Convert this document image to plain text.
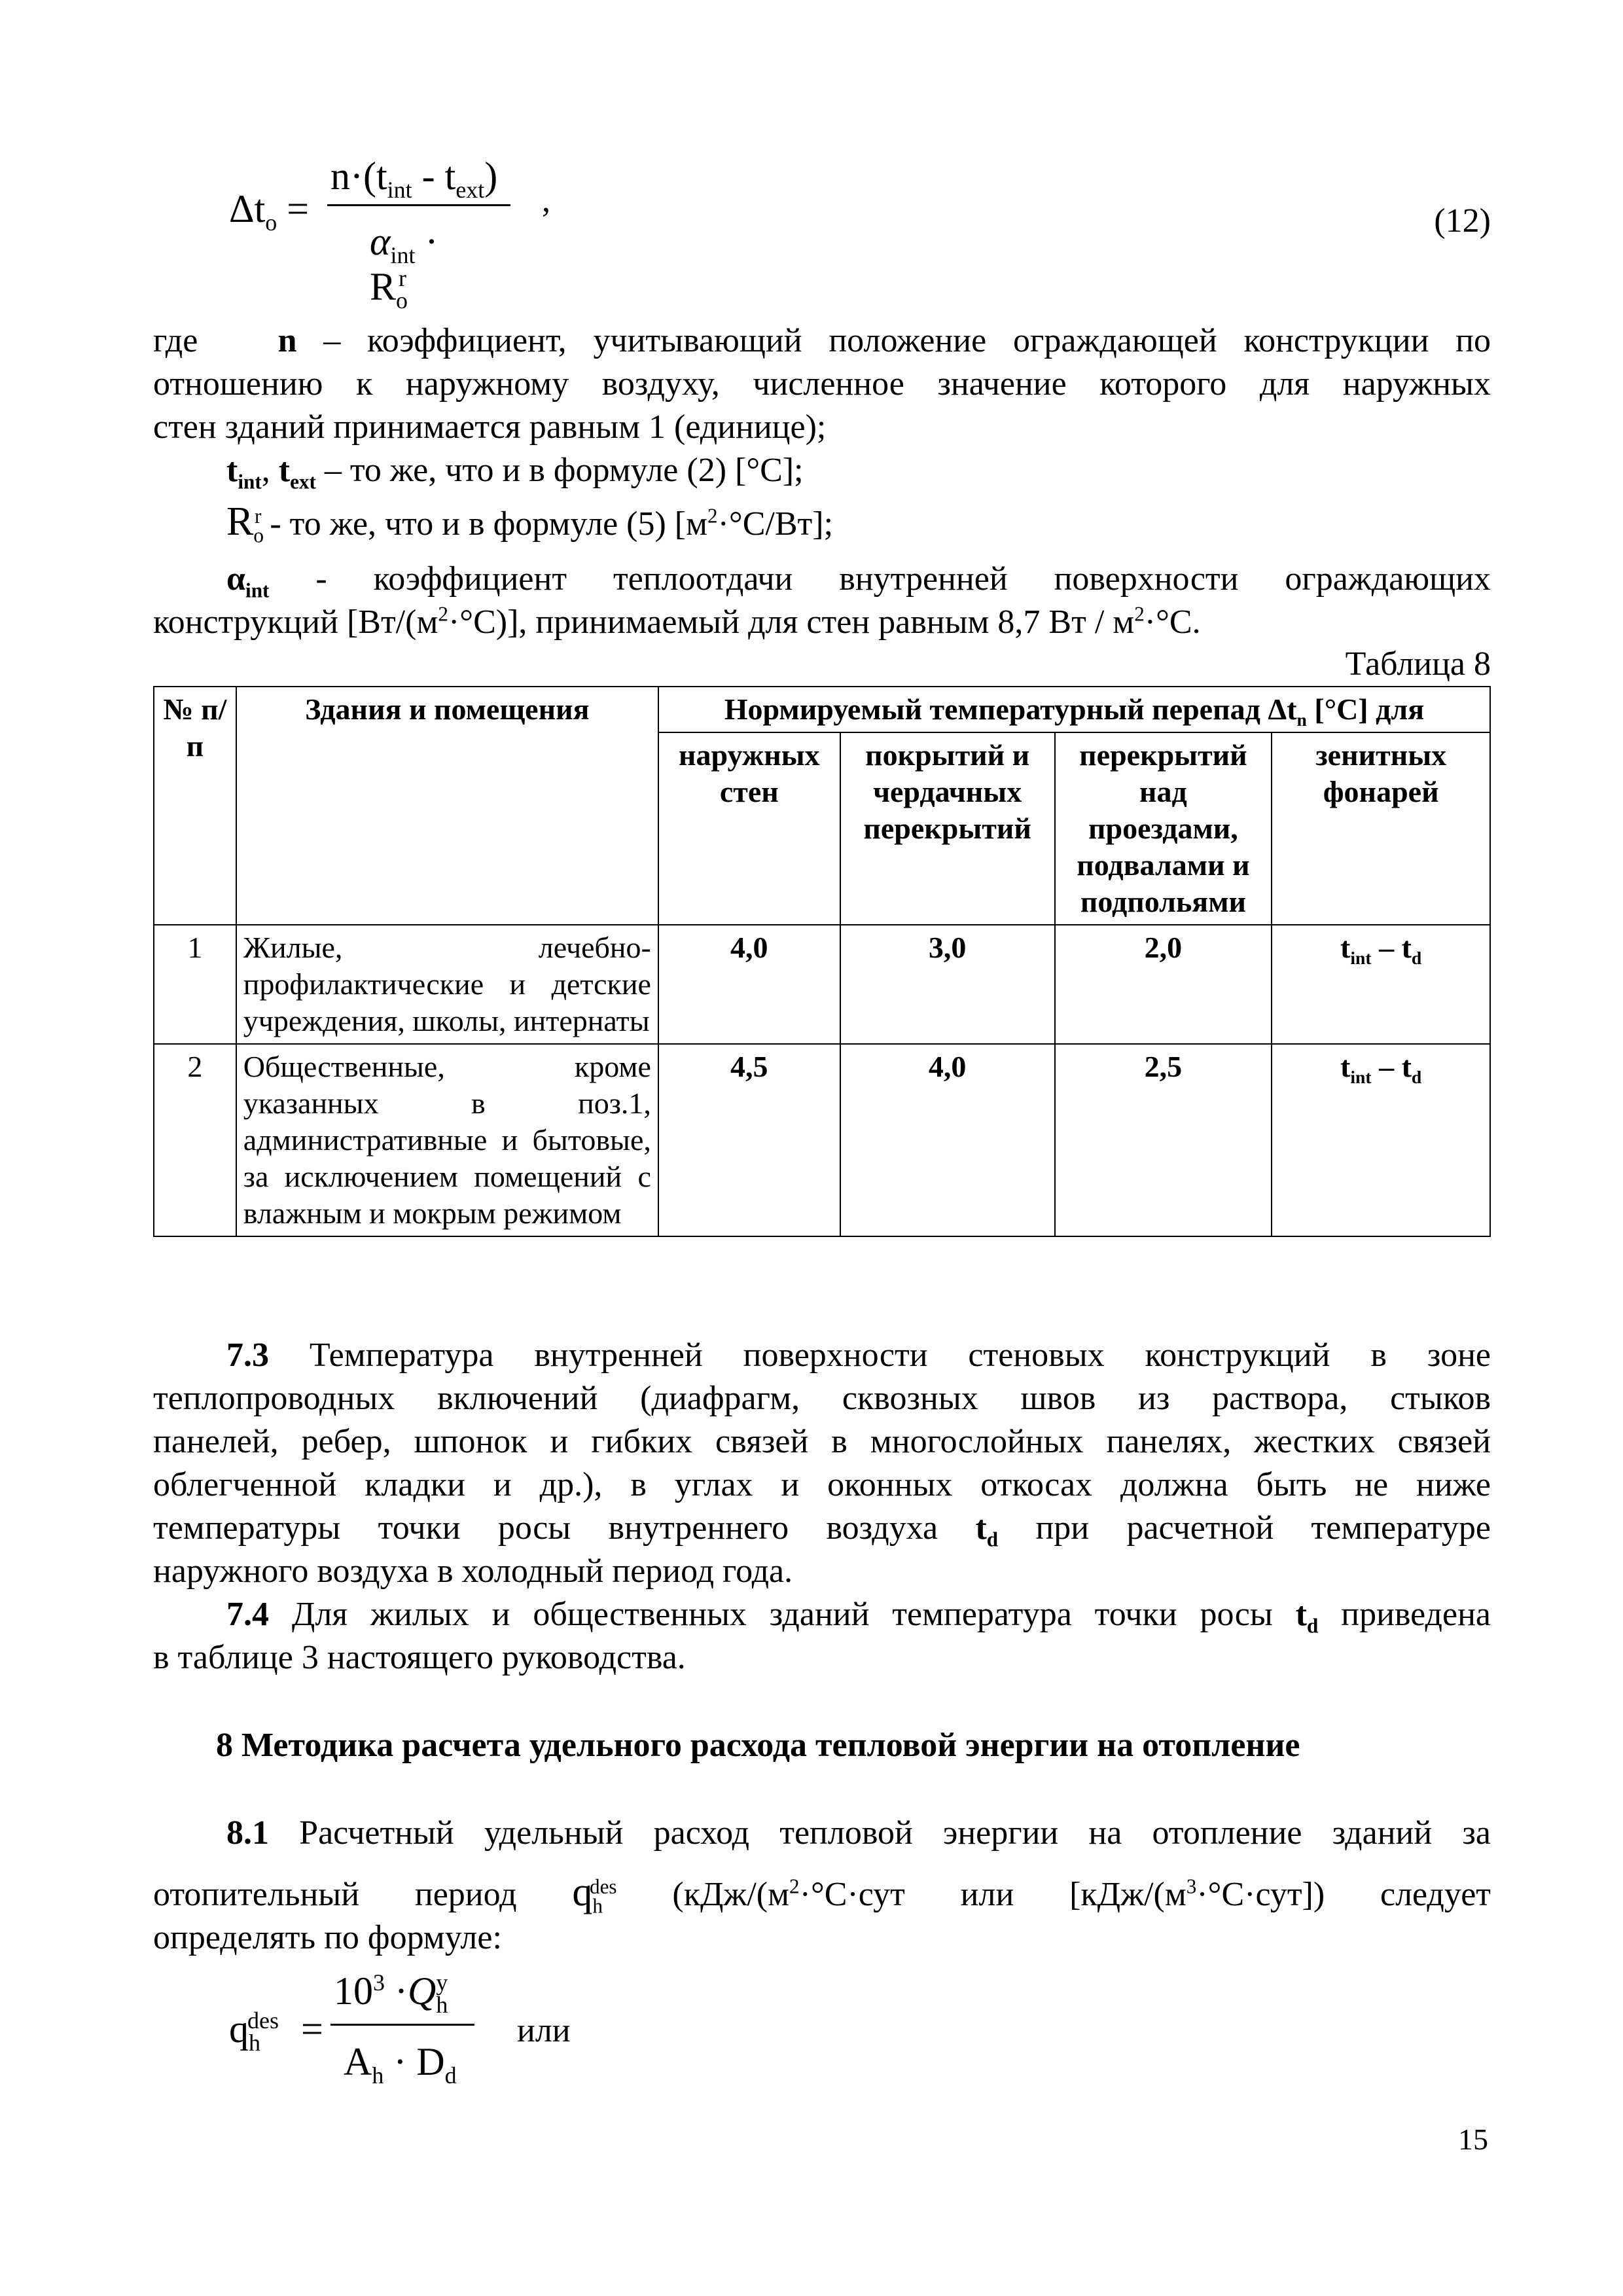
$\Delta t_o$ =
$n\cdot(t_{int} - t_{ext})$
$\alpha_{int} \cdot R_o^r$
,
(12)
где n – коэффициент, учитывающий положение ограждающей конструкции по
отношению к наружному воздуху, численное значение которого для наружных
стен зданий принимается равным 1 (единице);
$t_{int}$, $t_{ext}$ – то же, что и в формуле (2) [°С];
$R_o^r$ - то же, что и в формуле (5) $[м^2\cdot^\circ С/Вт]$;
$\alpha_{int}$ - коэффициент теплоотдачи внутренней поверхности ограждающих
конструкций $[Вт/(м^2\cdot^\circ С)]$, принимаемый для стен равным 8,7 Вт / $м^2\cdot^\circ С$.
Таблица 8
№ п/п	Здания и помещения	Нормируемый температурный перепад $\Delta t_n$ [°С] для			
		наружных стен	покрытий и чердачных перекрытий	перекрытий над проездами, подвалами и подпольями	зенитных фонарей
1	Жилые, лечебно-профилактические и детские учреждения, школы, интернаты	4,0	3,0	2,0	$t_{int} - t_d$
2	Общественные, кроме указанных в поз.1, административные и бытовые, за исключением помещений с влажным и мокрым режимом	4,5	4,0	2,5	$t_{int} - t_d$
7.3 Температура внутренней поверхности стеновых конструкций в зоне
теплопроводных включений (диафрагм, сквозных швов из раствора, стыков
панелей, ребер, шпонок и гибких связей в многослойных панелях, жестких связей
облегченной кладки и др.), в углах и оконных откосах должна быть не ниже
температуры точки росы внутреннего воздуха $t_d$ при расчетной температуре
наружного воздуха в холодный период года.
7.4 Для жилых и общественных зданий температура точки росы $t_d$ приведена
в таблице 3 настоящего руководства.
8 Методика расчета удельного расхода тепловой энергии на отопление
8.1 Расчетный удельный расход тепловой энергии на отопление зданий за
отопительный период $q_h^{des}$ ($кДж/(м^2\cdot^\circ С\cdot сут$ или $[кДж/(м^3\cdot^\circ С\cdot сут])$ следует
определять по формуле:
$q_h^{des}$ =
$10^3 \cdot Q_h^y$
$A_h \cdot D_d$
или
15
